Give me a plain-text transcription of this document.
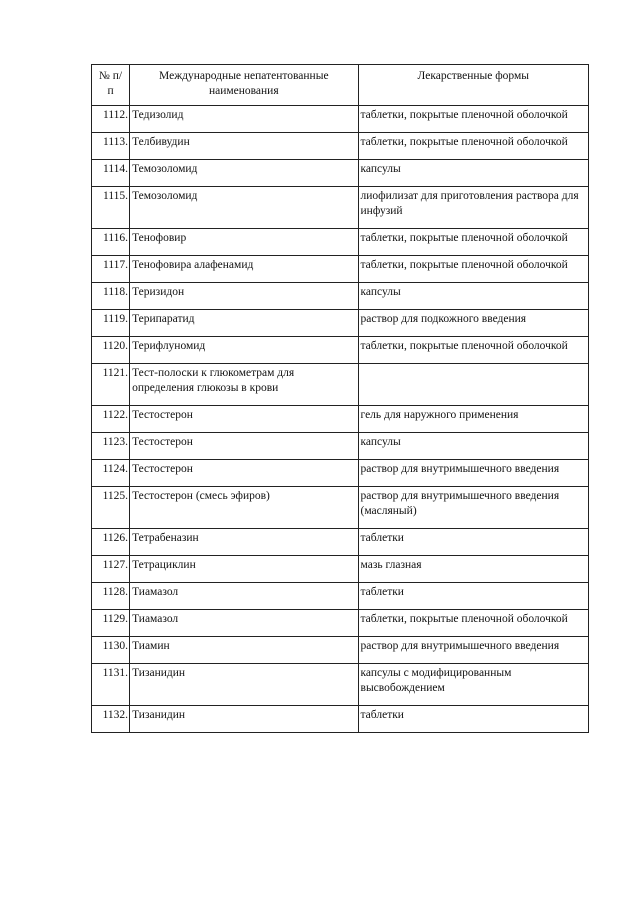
№ п/п	Международные непатентованные наименования	Лекарственные формы

1112.	Тедизолид	таблетки, покрытые пленочной оболочкой
1113.	Телбивудин	таблетки, покрытые пленочной оболочкой
1114.	Темозоломид	капсулы
1115.	Темозоломид	лиофилизат для приготовления раствора для инфузий
1116.	Тенофовир	таблетки, покрытые пленочной оболочкой
1117.	Тенофовира алафенамид	таблетки, покрытые пленочной оболочкой
1118.	Теризидон	капсулы
1119.	Терипаратид	раствор для подкожного введения
1120.	Терифлуномид	таблетки, покрытые пленочной оболочкой
1121.	Тест-полоски к глюкометрам для определения глюкозы в крови	
1122.	Тестостерон	гель для наружного применения
1123.	Тестостерон	капсулы
1124.	Тестостерон	раствор для внутримышечного введения
1125.	Тестостерон (смесь эфиров)	раствор для внутримышечного введения (масляный)
1126.	Тетрабеназин	таблетки
1127.	Тетрациклин	мазь глазная
1128.	Тиамазол	таблетки
1129.	Тиамазол	таблетки, покрытые пленочной оболочкой
1130.	Тиамин	раствор для внутримышечного введения
1131.	Тизанидин	капсулы с модифицированным высвобождением
1132.	Тизанидин	таблетки
